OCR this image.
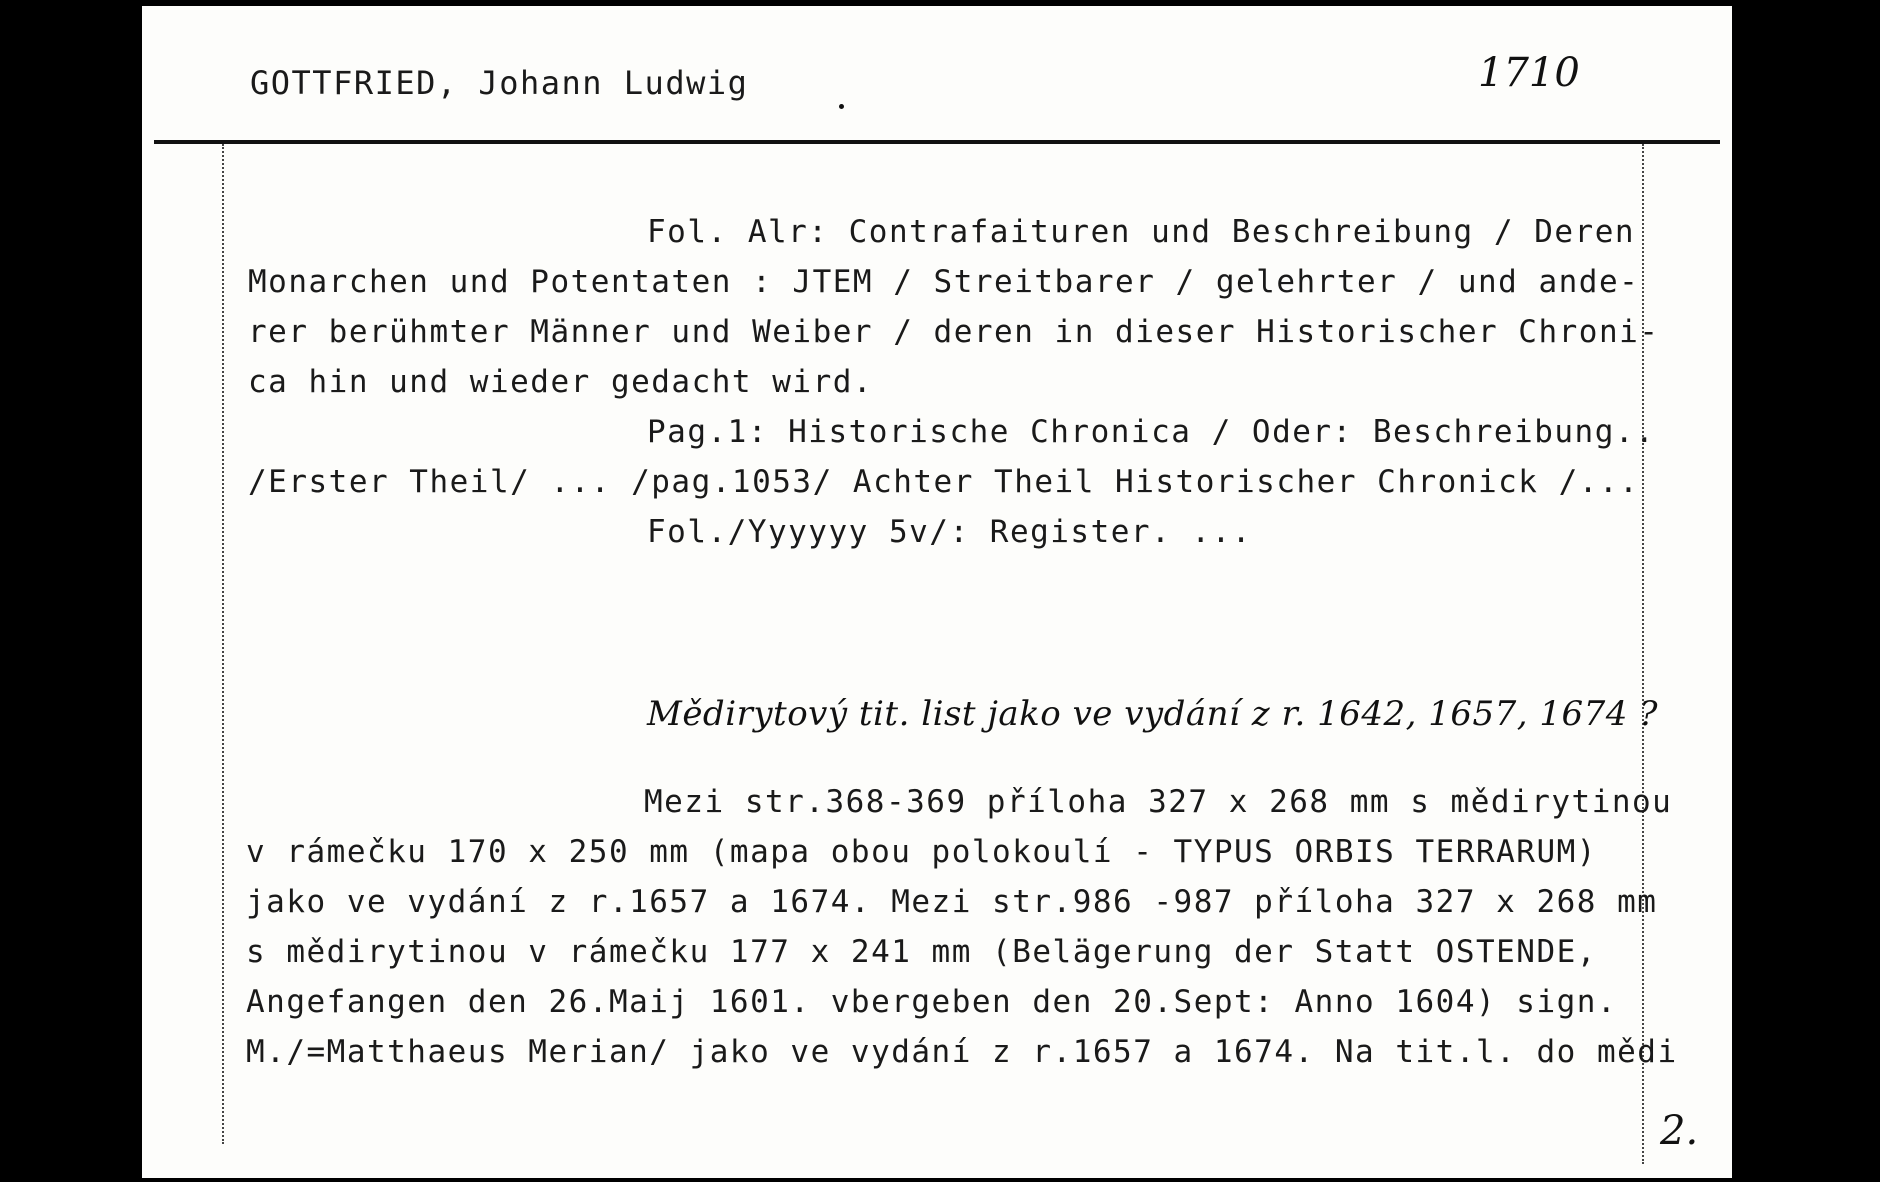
GOTTFRIED, Johann Ludwig	1710
Fol. Alr: Contrafaituren und Beschreibung / Deren
Monarchen und Potentaten : JTEM / Streitbarer / gelehrter / und ande-
rer berühmter Männer und Weiber / deren in dieser Historischer Chroni-
ca hin und wieder gedacht wird.
Pag.1: Historische Chronica / Oder: Beschreibung..
/Erster Theil/ ... /pag.1053/ Achter Theil Historischer Chronick /...
Fol./Yyyyyy 5v/: Register. ...
Mědirytový tit. list jako ve vydání z r. 1642, 1657, 1674 ?
Mezi str.368-369 příloha 327 x 268 mm s mědirytinou
v rámečku 170 x 250 mm (mapa obou polokoulí - TYPUS ORBIS TERRARUM)
jako ve vydání z r.1657 a 1674. Mezi str.986 -987 příloha 327 x 268 mm
s mědirytinou v rámečku 177 x 241 mm (Belägerung der Statt OSTENDE,
Angefangen den 26.Maij 1601. vbergeben den 20.Sept: Anno 1604) sign.
M./=Matthaeus Merian/ jako ve vydání z r.1657 a 1674. Na tit.l. do mědi
2.
